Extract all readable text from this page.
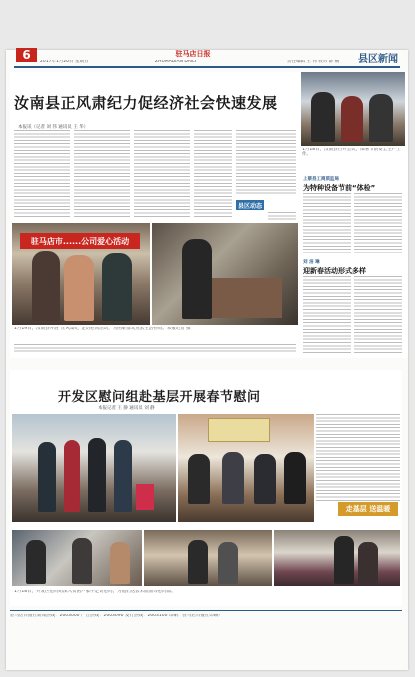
6	驻马店日报
2017年1月20日 星期五	ZHUMADIAN DAILY	责任编辑 王 伟 校对 薛 楠 县区新闻
汝南县正风肃纪力促经济社会快速发展
本报讯（记者 刘 伟 通讯员 王 华）
县区动态
驻马店市......公司爱心活动
1月19日，汝南县开展“正风肃纪”走访慰问活动，为困难群众送去生活物资。本报记者 摄
1月18日，汝南县召开会议，部署节前安全生产工作。
上蔡县工商质监局
为特种设备节前“体检”
刘 洁 琳
迎新春活动形式多样
开发区慰问组赴基层开展春节慰问
本报记者 王 静 通讯员 刘 静
走基层 送温暖
1月18日，开发区慰问组深入贫困户家中走访慰问，为他们送去米面油等慰问品。
驻马店日报社新闻热线：2603000 广告热线：2603090 发行热线：2603100 印刷：驻马店日报社印刷厂
